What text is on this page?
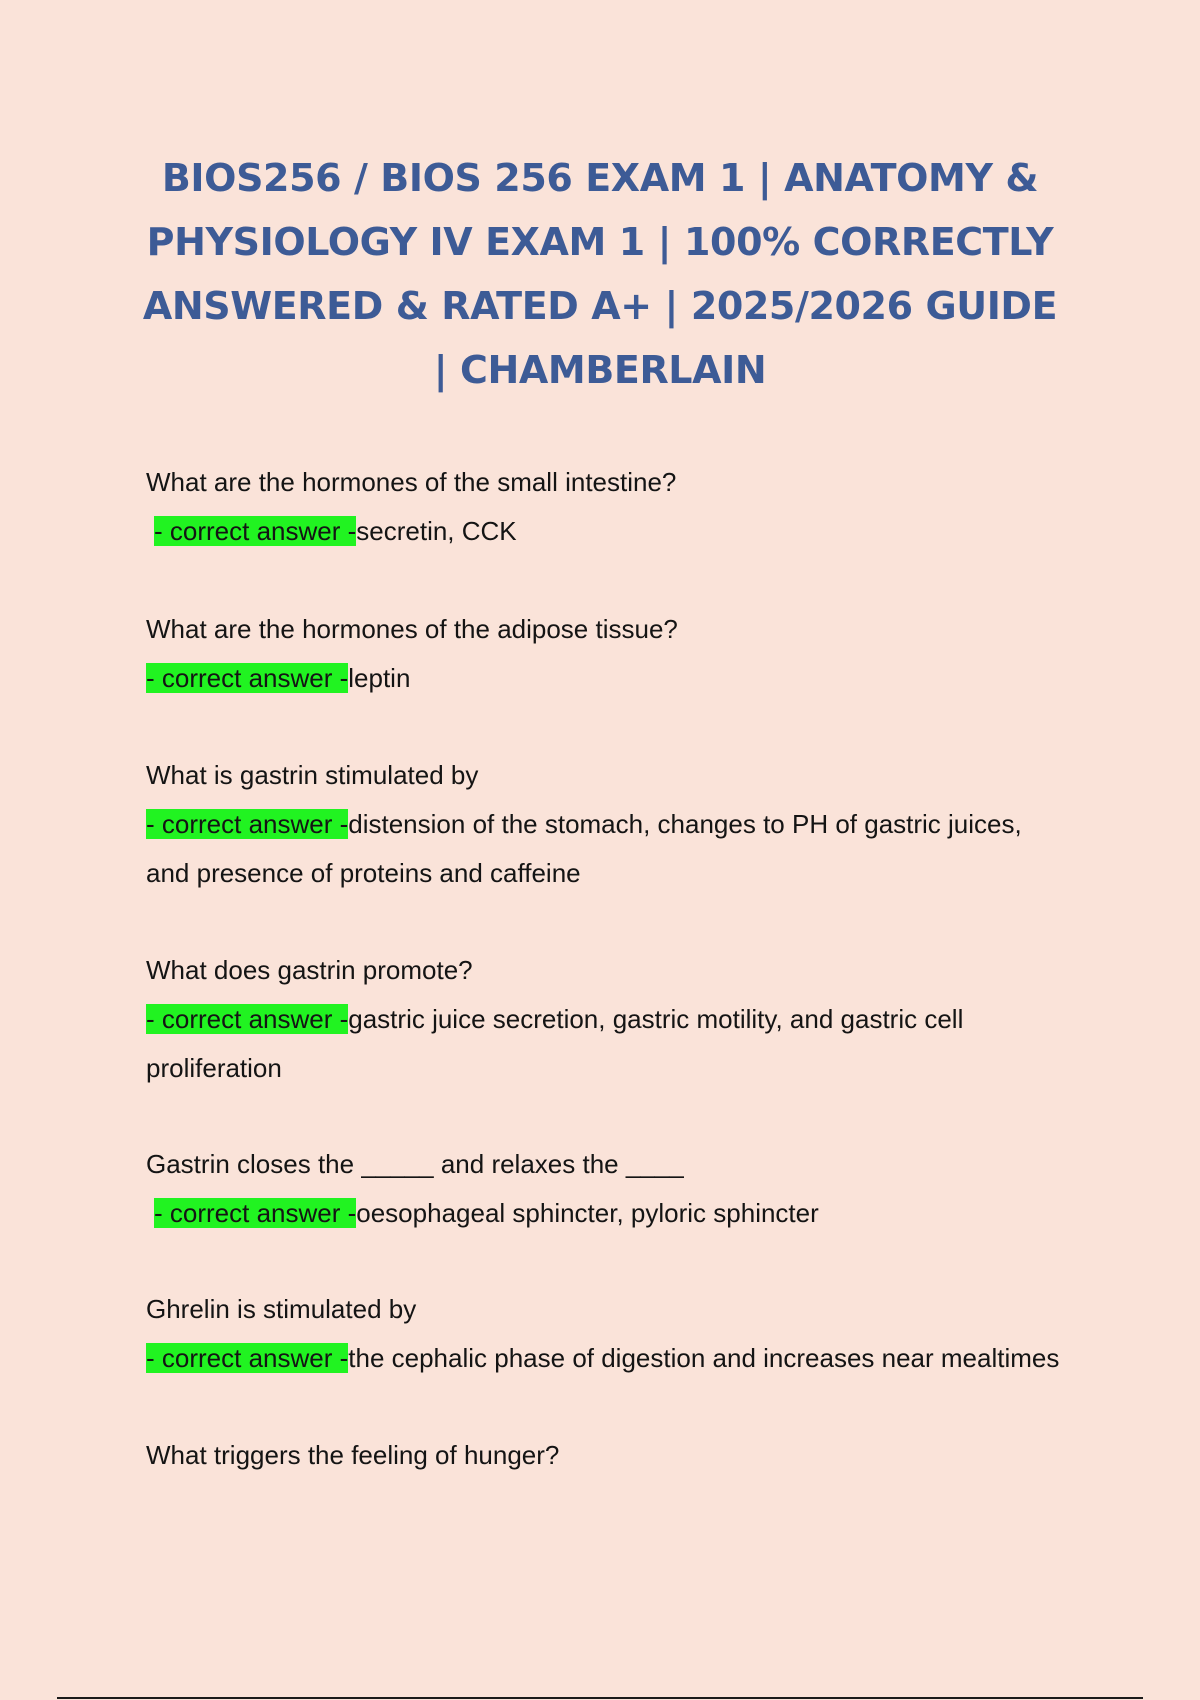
BIOS256 / BIOS 256 EXAM 1 | ANATOMY & PHYSIOLOGY IV EXAM 1 | 100% CORRECTLY ANSWERED & RATED A+ | 2025/2026 GUIDE | CHAMBERLAIN

What are the hormones of the small intestine?

- correct answer -secretin, CCK

What are the hormones of the adipose tissue?

- correct answer -leptin

What is gastrin stimulated by

- correct answer -distension of the stomach, changes to PH of gastric juices, and presence of proteins and caffeine

What does gastrin promote?

- correct answer -gastric juice secretion, gastric motility, and gastric cell proliferation

Gastrin closes the _____ and relaxes the ____

- correct answer -oesophageal sphincter, pyloric sphincter

Ghrelin is stimulated by

- correct answer -the cephalic phase of digestion and increases near mealtimes

What triggers the feeling of hunger?
